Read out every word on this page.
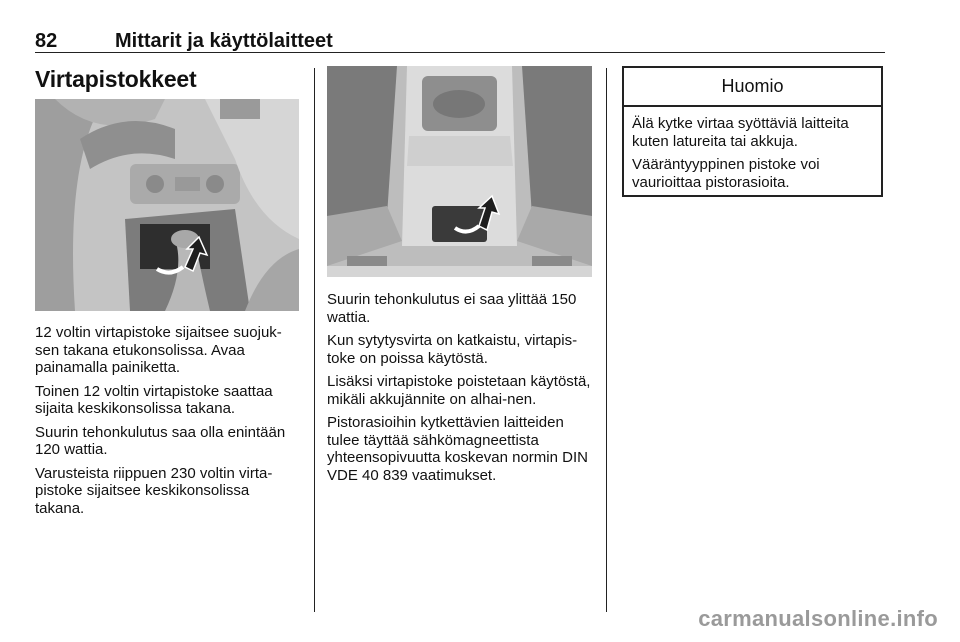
82	Mittarit ja käyttölaitteet
Virtapistokkeet

12 voltin virtapistoke sijaitsee suojuk-sen takana etukonsolissa. Avaa painamalla painiketta.

Toinen 12 voltin virtapistoke saattaa sijaita keskikonsolissa takana.

Suurin tehonkulutus saa olla enintään 120 wattia.

Varusteista riippuen 230 voltin virta-pistoke sijaitsee keskikonsolissa takana.

Suurin tehonkulutus ei saa ylittää 150 wattia.

Kun sytytysvirta on katkaistu, virtapis-toke on poissa käytöstä.

Lisäksi virtapistoke poistetaan käytöstä, mikäli akkujännite on alhai-nen.

Pistorasioihin kytkettävien laitteiden tulee täyttää sähkömagneettista yhteensopivuutta koskevan normin DIN VDE 40 839 vaatimukset.

Huomio

Älä kytke virtaa syöttäviä laitteita kuten latureita tai akkuja.

Vääräntyyppinen pistoke voi vaurioittaa pistorasioita.

carmanualsonline.info
